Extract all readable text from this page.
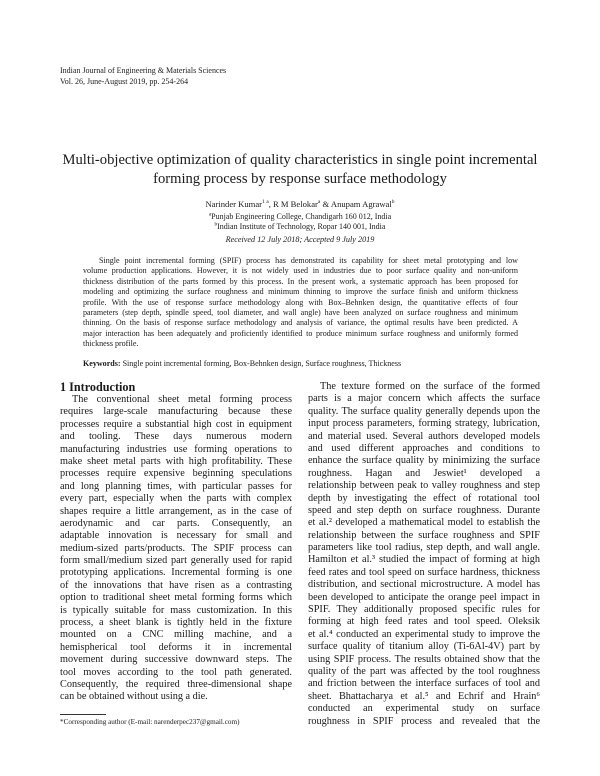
Indian Journal of Engineering & Materials Sciences
Vol. 26, June-August 2019, pp. 254-264
Multi-objective optimization of quality characteristics in single point incremental
forming process by response surface methodology
Narinder Kumar$^{1 a}$, R M Belokar$^a$ & Anupam Agrawal$^b$
$^a$Punjab Engineering College, Chandigarh 160 012, India
$^b$Indian Institute of Technology, Ropar 140 001, India
Received 12 July 2018; Accepted 9 July 2019
Single point incremental forming (SPIF) process has demonstrated its capability for sheet metal prototyping and low
volume production applications. However, it is not widely used in industries due to poor surface quality and non-uniform
thickness distribution of the parts formed by this process. In the present work, a systematic approach has been proposed for
modeling and optimizing the surface roughness and minimum thinning to improve the surface finish and uniform thickness
profile. With the use of response surface methodology along with Box–Behnken design, the quantitative effects of four
parameters (step depth, spindle speed, tool diameter, and wall angle) have been analyzed on surface roughness and minimum
thinning. On the basis of response surface methodology and analysis of variance, the optimal results have been predicted. A
major interaction has been adequately and proficiently identified to produce minimum surface roughness and uniformly formed
thickness profile.
Keywords: Single point incremental forming, Box-Behnken design, Surface roughness, Thickness
1 Introduction
The conventional sheet metal forming process
requires large-scale manufacturing because these
processes require a substantial high cost in equipment
and tooling. These days numerous modern
manufacturing industries use forming operations to
make sheet metal parts with high profitability. These
processes require expensive beginning speculations
and long planning times, with particular passes for
every part, especially when the parts with complex
shapes require a little arrangement, as in the case of
aerodynamic and car parts. Consequently, an
adaptable innovation is necessary for small and
medium-sized parts/products. The SPIF process can
form small/medium sized part generally used for rapid
prototyping applications. Incremental forming is one
of the innovations that have risen as a contrasting
option to traditional sheet metal forming forms which
is typically suitable for mass customization. In this
process, a sheet blank is tightly held in the fixture
mounted on a CNC milling machine, and a
hemispherical tool deforms it in incremental
movement during successive downward steps. The
tool moves according to the tool path generated.
Consequently, the required three-dimensional shape
can be obtained without using a die.
The texture formed on the surface of the formed
parts is a major concern which affects the surface
quality. The surface quality generally depends upon the
input process parameters, forming strategy, lubrication,
and material used. Several authors developed models
and used different approaches and conditions to
enhance the surface quality by minimizing the surface
roughness. Hagan and Jeswiet¹ developed a
relationship between peak to valley roughness and step
depth by investigating the effect of rotational tool
speed and step depth on surface roughness. Durante
et al.² developed a mathematical model to establish the
relationship between the surface roughness and SPIF
parameters like tool radius, step depth, and wall angle.
Hamilton et al.³ studied the impact of forming at high
feed rates and tool speed on surface hardness, thickness
distribution, and sectional microstructure. A model has
been developed to anticipate the orange peel impact in
SPIF. They additionally proposed specific rules for
forming at high feed rates and tool speed. Oleksik
et al.⁴ conducted an experimental study to improve the
surface quality of titanium alloy (Ti-6Al-4V) part by
using SPIF process. The results obtained show that the
quality of the part was affected by the tool roughness
and friction between the interface surfaces of tool and
sheet. Bhattacharya et al.⁵ and Echrif and Hrain⁶
conducted an experimental study on surface
roughness in SPIF process and revealed that the
*Corresponding author (E-mail: narenderpec237@gmail.com)
